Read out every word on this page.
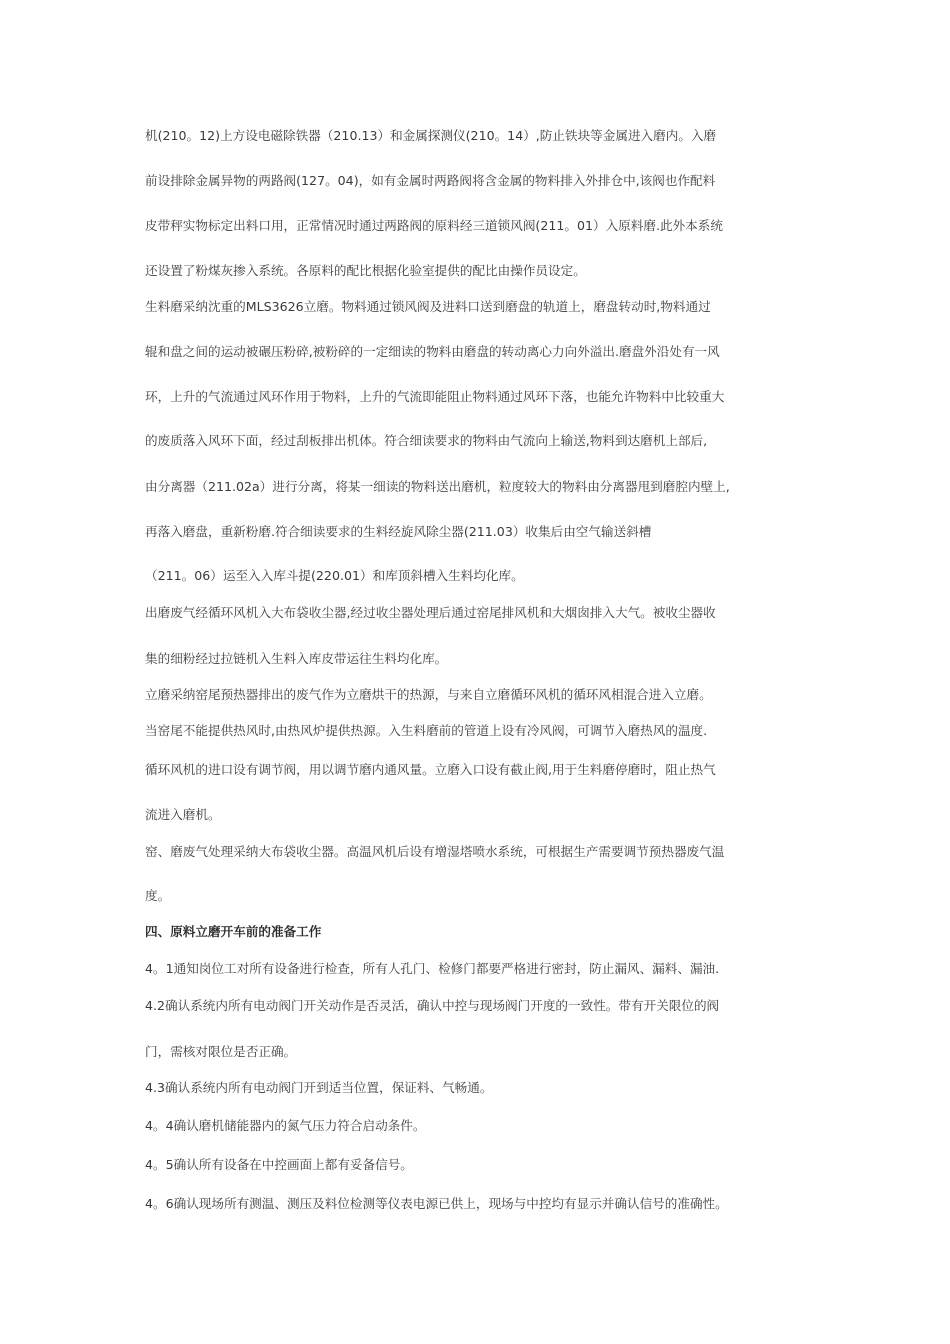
机(210。12)上方设电磁除铁器（210.13）和金属探测仪(210。14）,防止铁块等金属进入磨内。入磨
前设排除金属异物的两路阀(127。04)，如有金属时两路阀将含金属的物料排入外排仓中,该阀也作配料
皮带秤实物标定出料口用，正常情况时通过两路阀的原料经三道锁风阀(211。01）入原料磨.此外本系统
还设置了粉煤灰掺入系统。各原料的配比根据化验室提供的配比由操作员设定。
生料磨采纳沈重的MLS3626立磨。物料通过锁风阀及进料口送到磨盘的轨道上，磨盘转动时,物料通过
辊和盘之间的运动被碾压粉碎,被粉碎的一定细读的物料由磨盘的转动离心力向外溢出.磨盘外沿处有一风
环，上升的气流通过风环作用于物料，上升的气流即能阻止物料通过风环下落，也能允许物料中比较重大
的废质落入风环下面，经过刮板排出机体。符合细读要求的物料由气流向上输送,物料到达磨机上部后,
由分离器（211.02a）进行分离，将某一细读的物料送出磨机，粒度较大的物料由分离器甩到磨腔内壁上,
再落入磨盘，重新粉磨.符合细读要求的生料经旋风除尘器(211.03）收集后由空气输送斜槽
（211。06）运至入入库斗提(220.01）和库顶斜槽入生料均化库。
出磨废气经循环风机入大布袋收尘器,经过收尘器处理后通过窑尾排风机和大烟囱排入大气。被收尘器收
集的细粉经过拉链机入生料入库皮带运往生料均化库。
立磨采纳窑尾预热器排出的废气作为立磨烘干的热源，与来自立磨循环风机的循环风相混合进入立磨。
当窑尾不能提供热风时,由热风炉提供热源。入生料磨前的管道上设有冷风阀，可调节入磨热风的温度.
循环风机的进口设有调节阀，用以调节磨内通风量。立磨入口设有截止阀,用于生料磨停磨时，阻止热气
流进入磨机。
窑、磨废气处理采纳大布袋收尘器。高温风机后设有增湿塔喷水系统，可根据生产需要调节预热器废气温
度。
四、原料立磨开车前的准备工作
4。1通知岗位工对所有设备进行检查，所有人孔门、检修门都要严格进行密封，防止漏风、漏料、漏油.
4.2确认系统内所有电动阀门开关动作是否灵活，确认中控与现场阀门开度的一致性。带有开关限位的阀
门，需核对限位是否正确。
4.3确认系统内所有电动阀门开到适当位置，保证料、气畅通。
4。4确认磨机储能器内的氮气压力符合启动条件。
4。5确认所有设备在中控画面上都有妥备信号。
4。6确认现场所有测温、测压及料位检测等仪表电源已供上，现场与中控均有显示并确认信号的准确性。
